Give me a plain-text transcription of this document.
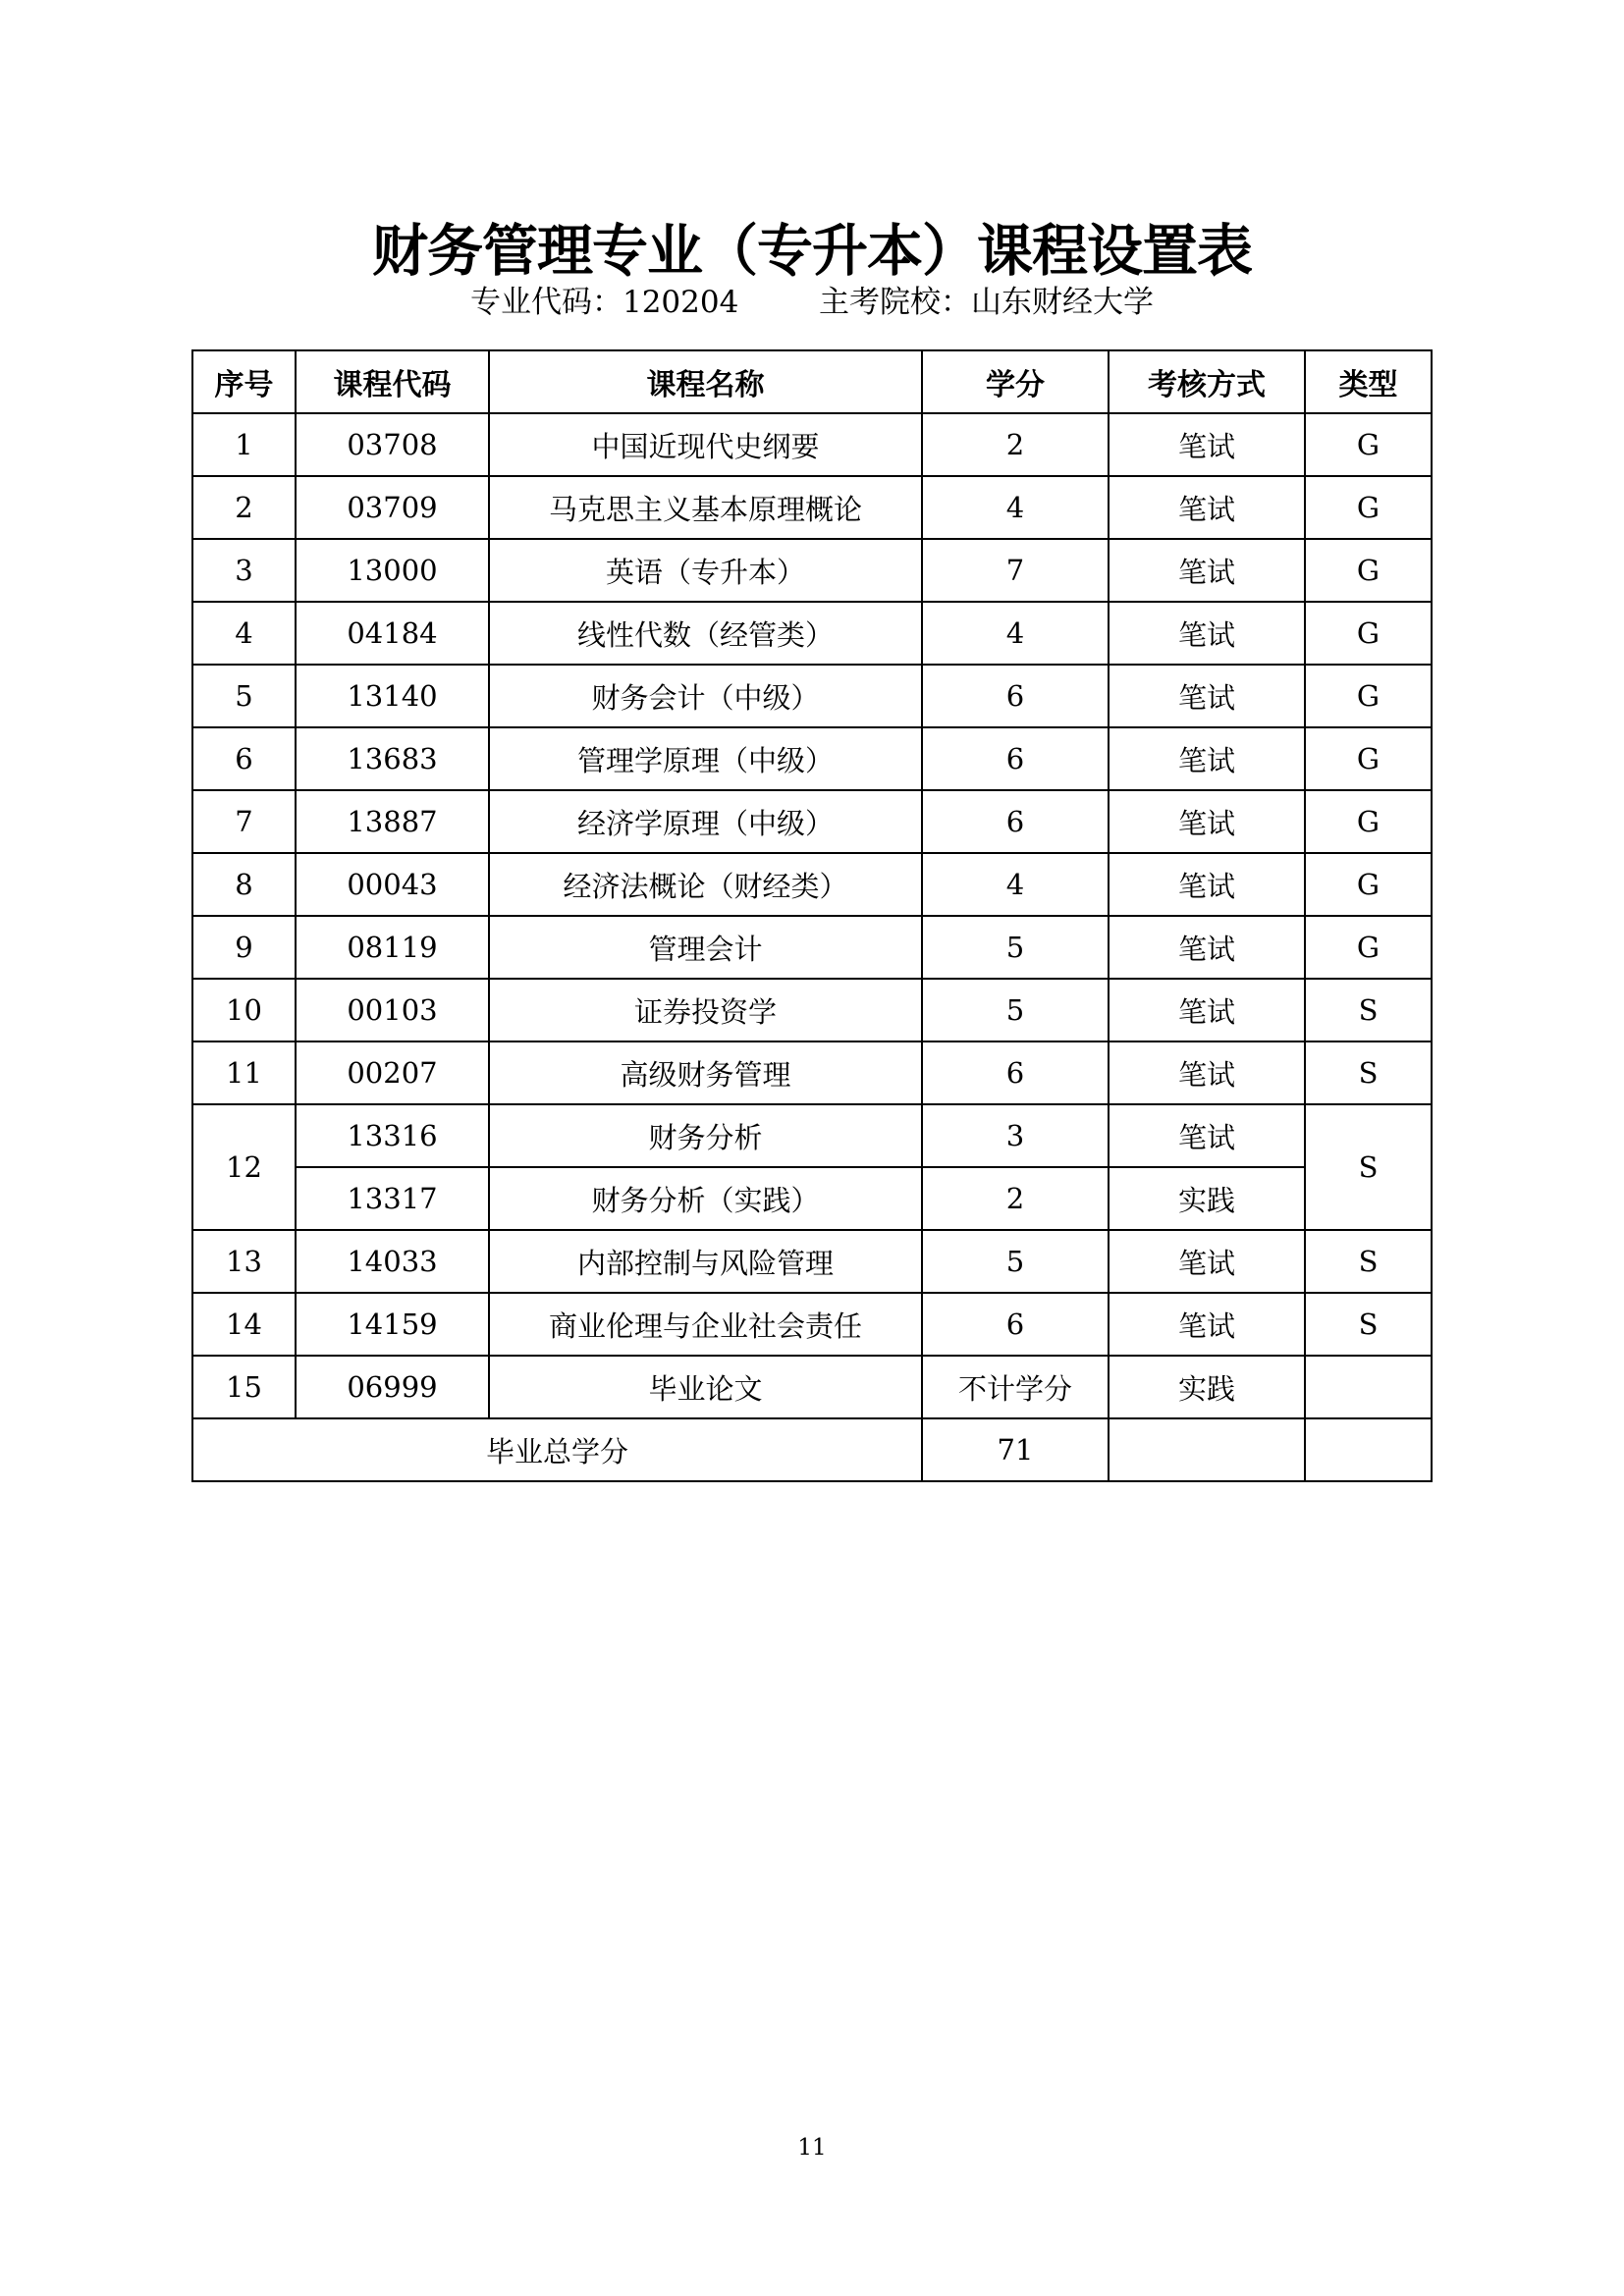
财务管理专业（专升本）课程设置表
专业代码：120204	主考院校：山东财经大学
序号	课程代码	课程名称	学分	考核方式	类型
1	03708	中国近现代史纲要	2	笔试	G
2	03709	马克思主义基本原理概论	4	笔试	G
3	13000	英语（专升本）	7	笔试	G
4	04184	线性代数（经管类）	4	笔试	G
5	13140	财务会计（中级）	6	笔试	G
6	13683	管理学原理（中级）	6	笔试	G
7	13887	经济学原理（中级）	6	笔试	G
8	00043	经济法概论（财经类）	4	笔试	G
9	08119	管理会计	5	笔试	G
10	00103	证券投资学	5	笔试	S
11	00207	高级财务管理	6	笔试	S
12	13316	财务分析	3	笔试	S
	13317	财务分析（实践）	2	实践	
13	14033	内部控制与风险管理	5	笔试	S
14	14159	商业伦理与企业社会责任	6	笔试	S
15	06999	毕业论文	不计学分	实践	
毕业总学分			71		
11
